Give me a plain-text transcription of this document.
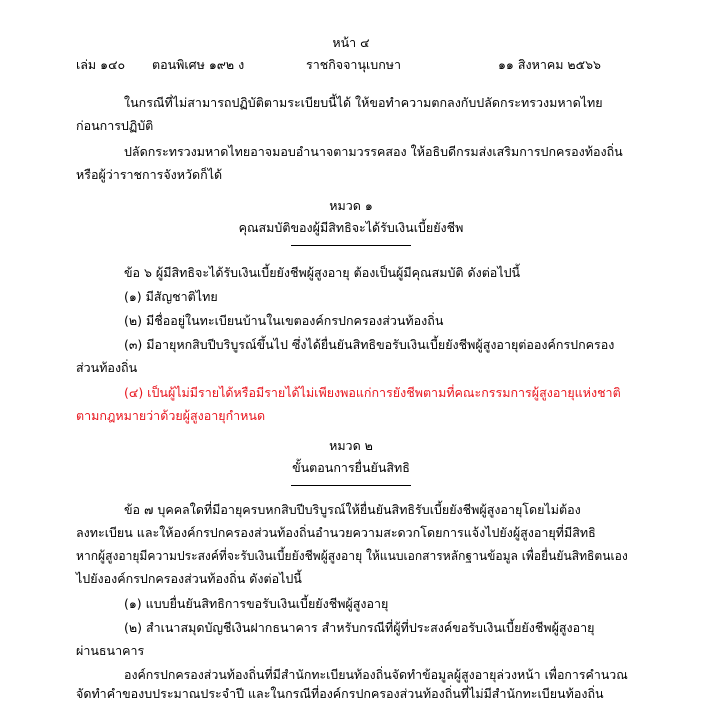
หน้า ๔
เล่ม ๑๔๐ ตอนพิเศษ ๑๙๒ ง	ราชกิจจานุเบกษา	๑๑ สิงหาคม ๒๕๖๖
ในกรณีที่ไม่สามารถปฏิบัติตามระเบียบนี้ได้ ให้ขอทำความตกลงกับปลัดกระทรวงมหาดไทย
ก่อนการปฏิบัติ
ปลัดกระทรวงมหาดไทยอาจมอบอำนาจตามวรรคสอง ให้อธิบดีกรมส่งเสริมการปกครองท้องถิ่น
หรือผู้ว่าราชการจังหวัดก็ได้
หมวด ๑
คุณสมบัติของผู้มีสิทธิจะได้รับเงินเบี้ยยังชีพ
ข้อ ๖ ผู้มีสิทธิจะได้รับเงินเบี้ยยังชีพผู้สูงอายุ ต้องเป็นผู้มีคุณสมบัติ ดังต่อไปนี้
(๑) มีสัญชาติไทย
(๒) มีชื่ออยู่ในทะเบียนบ้านในเขตองค์กรปกครองส่วนท้องถิ่น
(๓) มีอายุหกสิบปีบริบูรณ์ขึ้นไป ซึ่งได้ยื่นยันสิทธิขอรับเงินเบี้ยยังชีพผู้สูงอายุต่อองค์กรปกครอง
ส่วนท้องถิ่น
(๔) เป็นผู้ไม่มีรายได้หรือมีรายได้ไม่เพียงพอแก่การยังชีพตามที่คณะกรรมการผู้สูงอายุแห่งชาติ
ตามกฎหมายว่าด้วยผู้สูงอายุกำหนด
หมวด ๒
ขั้นตอนการยื่นยันสิทธิ
ข้อ ๗ บุคคลใดที่มีอายุครบหกสิบปีบริบูรณ์ให้ยื่นยันสิทธิรับเบี้ยยังชีพผู้สูงอายุโดยไม่ต้อง
ลงทะเบียน และให้องค์กรปกครองส่วนท้องถิ่นอำนวยความสะดวกโดยการแจ้งไปยังผู้สูงอายุที่มีสิทธิ
หากผู้สูงอายุมีความประสงค์ที่จะรับเงินเบี้ยยังชีพผู้สูงอายุ ให้แนบเอกสารหลักฐานข้อมูล เพื่อยื่นยันสิทธิตนเอง
ไปยังองค์กรปกครองส่วนท้องถิ่น ดังต่อไปนี้
(๑) แบบยื่นยันสิทธิการขอรับเงินเบี้ยยังชีพผู้สูงอายุ
(๒) สำเนาสมุดบัญชีเงินฝากธนาคาร สำหรับกรณีที่ผู้ที่ประสงค์ขอรับเงินเบี้ยยังชีพผู้สูงอายุ
ผ่านธนาคาร
องค์กรปกครองส่วนท้องถิ่นที่มีสำนักทะเบียนท้องถิ่นจัดทำข้อมูลผู้สูงอายุล่วงหน้า เพื่อการคำนวณ
จัดทำคำของบประมาณประจำปี และในกรณีที่องค์กรปกครองส่วนท้องถิ่นที่ไม่มีสำนักทะเบียนท้องถิ่น
